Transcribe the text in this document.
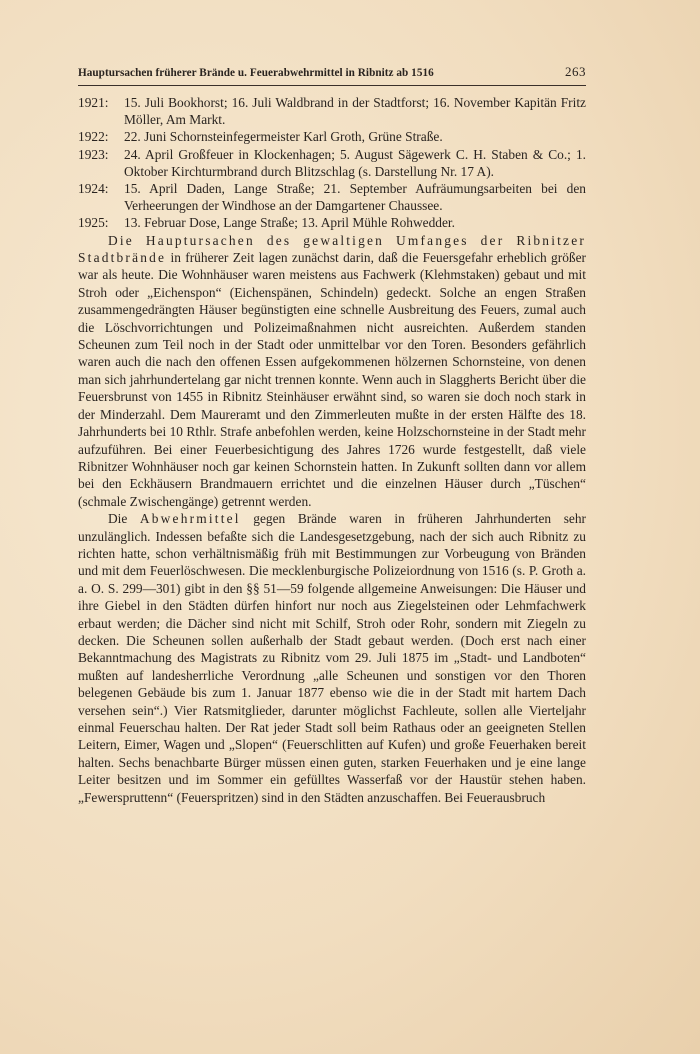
Hauptursachen früherer Brände u. Feuerabwehrmittel in Ribnitz ab 1516	263
1921:	15. Juli Bookhorst; 16. Juli Waldbrand in der Stadtforst; 16. November Kapitän Fritz Möller, Am Markt.
1922:	22. Juni Schornsteinfegermeister Karl Groth, Grüne Straße.
1923:	24. April Großfeuer in Klockenhagen; 5. August Sägewerk C. H. Staben & Co.; 1. Oktober Kirchturmbrand durch Blitzschlag (s. Darstellung Nr. 17 A).
1924:	15. April Daden, Lange Straße; 21. September Aufräumungsarbeiten bei den Verheerungen der Windhose an der Damgartener Chaussee.
1925:	13. Februar Dose, Lange Straße; 13. April Mühle Rohwedder.

Die Hauptursachen des gewaltigen Umfanges der Ribnitzer Stadtbrände in früherer Zeit lagen zunächst darin, daß die Feuersgefahr erheblich größer war als heute. Die Wohnhäuser waren meistens aus Fachwerk (Klehmstaken) gebaut und mit Stroh oder „Eichenspon“ (Eichenspänen, Schindeln) gedeckt. Solche an engen Straßen zusammengedrängten Häuser begünstigten eine schnelle Ausbreitung des Feuers, zumal auch die Löschvorrichtungen und Polizeimaßnahmen nicht ausreichten. Außerdem standen Scheunen zum Teil noch in der Stadt oder unmittelbar vor den Toren. Besonders gefährlich waren auch die nach den offenen Essen aufgekommenen hölzernen Schornsteine, von denen man sich jahrhundertelang gar nicht trennen konnte. Wenn auch in Slaggherts Bericht über die Feuersbrunst von 1455 in Ribnitz Steinhäuser erwähnt sind, so waren sie doch noch stark in der Minderzahl. Dem Maureramt und den Zimmerleuten mußte in der ersten Hälfte des 18. Jahrhunderts bei 10 Rthlr. Strafe anbefohlen werden, keine Holzschornsteine in der Stadt mehr aufzuführen. Bei einer Feuerbesichtigung des Jahres 1726 wurde festgestellt, daß viele Ribnitzer Wohnhäuser noch gar keinen Schornstein hatten. In Zukunft sollten dann vor allem bei den Eckhäusern Brandmauern errichtet und die einzelnen Häuser durch „Tüschen“ (schmale Zwischengänge) getrennt werden.

Die Abwehrmittel gegen Brände waren in früheren Jahrhunderten sehr unzulänglich. Indessen befaßte sich die Landesgesetzgebung, nach der sich auch Ribnitz zu richten hatte, schon verhältnismäßig früh mit Bestimmungen zur Vorbeugung von Bränden und mit dem Feuerlöschwesen. Die mecklenburgische Polizeiordnung von 1516 (s. P. Groth a. a. O. S. 299—301) gibt in den §§ 51—59 folgende allgemeine Anweisungen: Die Häuser und ihre Giebel in den Städten dürfen hinfort nur noch aus Ziegelsteinen oder Lehmfachwerk erbaut werden; die Dächer sind nicht mit Schilf, Stroh oder Rohr, sondern mit Ziegeln zu decken. Die Scheunen sollen außerhalb der Stadt gebaut werden. (Doch erst nach einer Bekanntmachung des Magistrats zu Ribnitz vom 29. Juli 1875 im „Stadt- und Landboten“ mußten auf landesherrliche Verordnung „alle Scheunen und sonstigen vor den Thoren belegenen Gebäude bis zum 1. Januar 1877 ebenso wie die in der Stadt mit hartem Dach versehen sein“.) Vier Ratsmitglieder, darunter möglichst Fachleute, sollen alle Vierteljahr einmal Feuerschau halten. Der Rat jeder Stadt soll beim Rathaus oder an geeigneten Stellen Leitern, Eimer, Wagen und „Slopen“ (Feuerschlitten auf Kufen) und große Feuerhaken bereit halten. Sechs benachbarte Bürger müssen einen guten, starken Feuerhaken und je eine lange Leiter besitzen und im Sommer ein gefülltes Wasserfaß vor der Haustür stehen haben. „Fewerspruttenn“ (Feuerspritzen) sind in den Städten anzuschaffen. Bei Feuerausbruch
